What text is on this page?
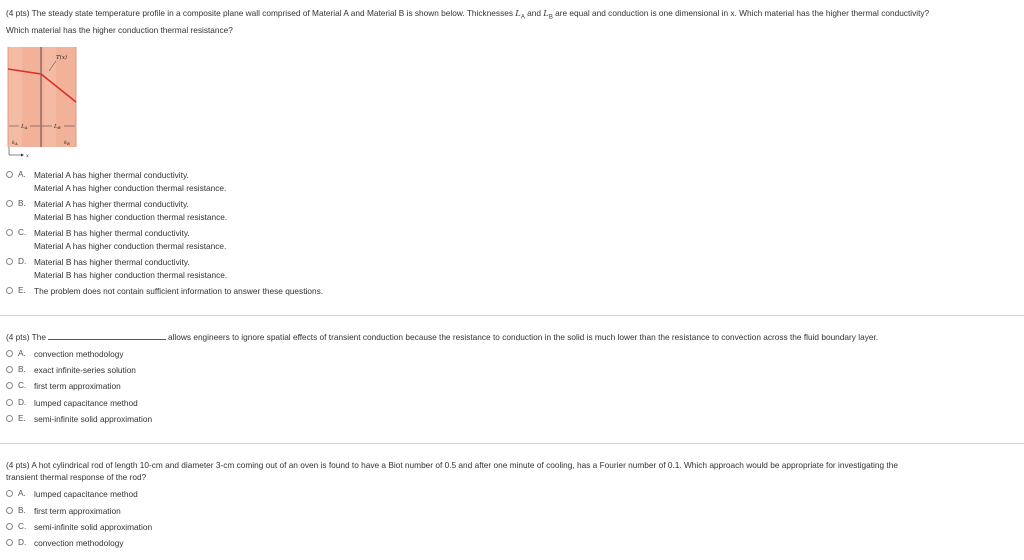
(4 pts) The steady state temperature profile in a composite plane wall comprised of Material A and Material B is shown below. Thicknesses $L_A$ and $L_B$ are equal and conduction is one dimensional in x. Which material has the higher thermal conductivity?
Which material has the higher conduction thermal resistance?
T(x)
LA	LB
$k_A$	$k_B$
x
A. Material A has higher thermal conductivity.
Material A has higher conduction thermal resistance.
B. Material A has higher thermal conductivity.
Material B has higher conduction thermal resistance.
C. Material B has higher thermal conductivity.
Material A has higher conduction thermal resistance.
D. Material B has higher thermal conductivity.
Material B has higher conduction thermal resistance.
E. The problem does not contain sufficient information to answer these questions.
(4 pts) The	allows engineers to ignore spatial effects of transient conduction because the resistance to conduction in the solid is much lower than the resistance to convection across the fluid boundary layer.
A. convection methodology
B. exact infinite-series solution
C. first term approximation
D. lumped capacitance method
E. semi-infinite solid approximation
(4 pts) A hot cylindrical rod of length 10-cm and diameter 3-cm coming out of an oven is found to have a Biot number of 0.5 and after one minute of cooling, has a Fourier number of 0.1. Which approach would be appropriate for investigating the
transient thermal response of the rod?
A. lumped capacitance method
B. first term approximation
C. semi-infinite solid approximation
D. convection methodology
